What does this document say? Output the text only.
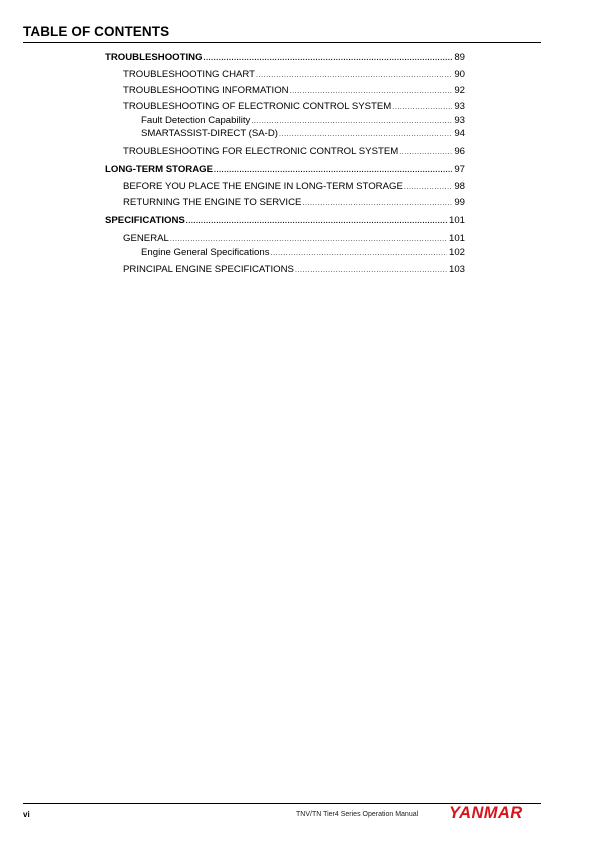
TABLE OF CONTENTS
TROUBLESHOOTING .....	89
TROUBLESHOOTING CHART .....	90
TROUBLESHOOTING INFORMATION .....	92
TROUBLESHOOTING OF ELECTRONIC CONTROL SYSTEM .....	93
Fault Detection Capability .....	93
SMARTASSIST-DIRECT (SA-D) .....	94
TROUBLESHOOTING FOR ELECTRONIC CONTROL SYSTEM .....	96
LONG-TERM STORAGE .....	97
BEFORE YOU PLACE THE ENGINE IN LONG-TERM STORAGE .....	98
RETURNING THE ENGINE TO SERVICE .....	99
SPECIFICATIONS .....	101
GENERAL .....	101
Engine General Specifications .....	102
PRINCIPAL ENGINE SPECIFICATIONS .....	103
vi	TNV/TN Tier4 Series Operation Manual YANMAR
